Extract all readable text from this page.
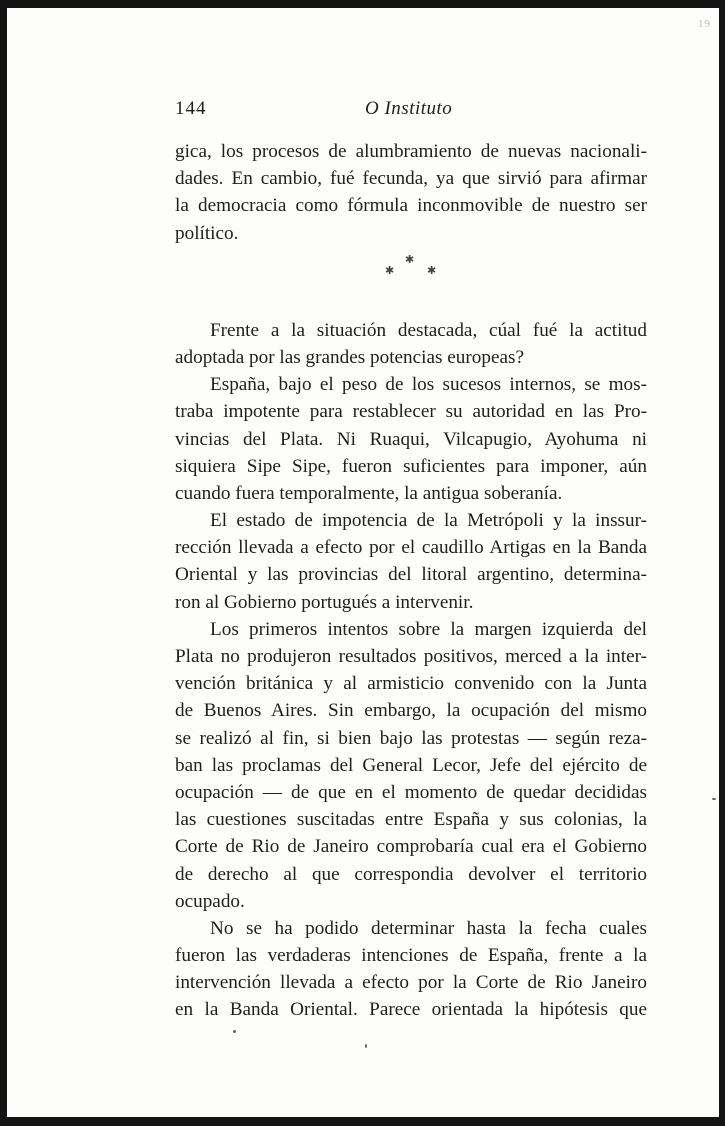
19
144	O Instituto
gica, los procesos de alumbramiento de nuevas nacionali-
dades. En cambio, fué fecunda, ya que sirvió para afirmar
la democracia como fórmula inconmovible de nuestro ser
político.
✱
✱	✱
Frente a la situación destacada, cúal fué la actitud
adoptada por las grandes potencias europeas?
España, bajo el peso de los sucesos internos, se mos-
traba impotente para restablecer su autoridad en las Pro-
vincias del Plata. Ni Ruaqui, Vilcapugio, Ayohuma ni
siquiera Sipe Sipe, fueron suficientes para imponer, aún
cuando fuera temporalmente, la antigua soberanía.
El estado de impotencia de la Metrópoli y la inssur-
rección llevada a efecto por el caudillo Artigas en la Banda
Oriental y las provincias del litoral argentino, determina-
ron al Gobierno portugués a intervenir.
Los primeros intentos sobre la margen izquierda del
Plata no produjeron resultados positivos, merced a la inter-
vención británica y al armisticio convenido con la Junta
de Buenos Aires. Sin embargo, la ocupación del mismo
se realizó al fin, si bien bajo las protestas — según reza-
ban las proclamas del General Lecor, Jefe del ejército de
ocupación — de que en el momento de quedar decididas
las cuestiones suscitadas entre España y sus colonias, la
Corte de Rio de Janeiro comprobaría cual era el Gobierno
de derecho al que correspondia devolver el territorio
ocupado.
No se ha podido determinar hasta la fecha cuales
fueron las verdaderas intenciones de España, frente a la
intervención llevada a efecto por la Corte de Rio Janeiro
en la Banda Oriental. Parece orientada la hipótesis que
